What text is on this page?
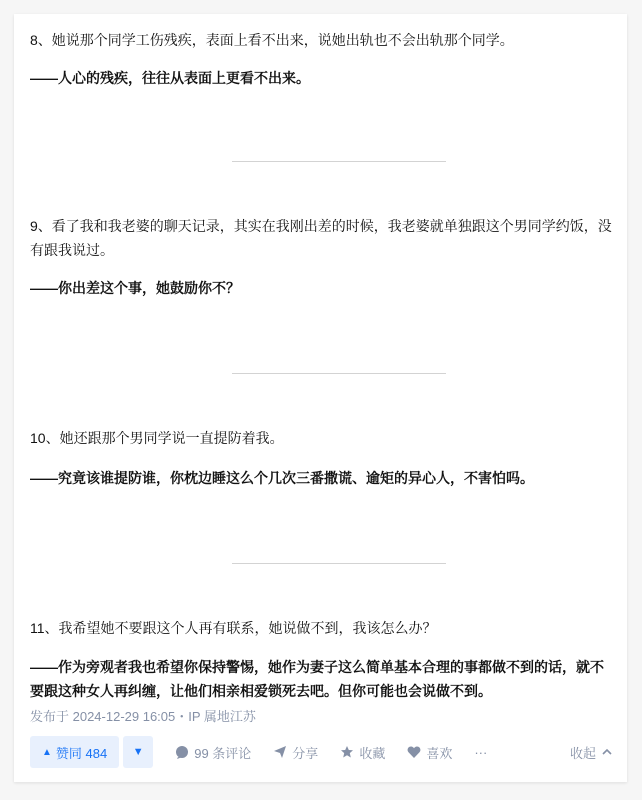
8、她说那个同学工伤残疾，表面上看不出来，说她出轨也不会出轨那个同学。

——人心的残疾，往往从表面上更看不出来。

9、看了我和我老婆的聊天记录，其实在我刚出差的时候，我老婆就单独跟这个男同学约饭，没有跟我说过。

——你出差这个事，她鼓励你不？

10、她还跟那个男同学说一直提防着我。

——究竟该谁提防谁，你枕边睡这么个几次三番撒谎、逾矩的异心人，不害怕吗。

11、我希望她不要跟这个人再有联系，她说做不到，我该怎么办？

——作为旁观者我也希望你保持警惕，她作为妻子这么简单基本合理的事都做不到的话，就不要跟这种女人再纠缠，让他们相亲相爱锁死去吧。但你可能也会说做不到。

发布于 2024-12-29 16:05・IP 属地江苏
▲ 赞同 484 ▼	99 条评论	分享	收藏	喜欢 ···	收起
